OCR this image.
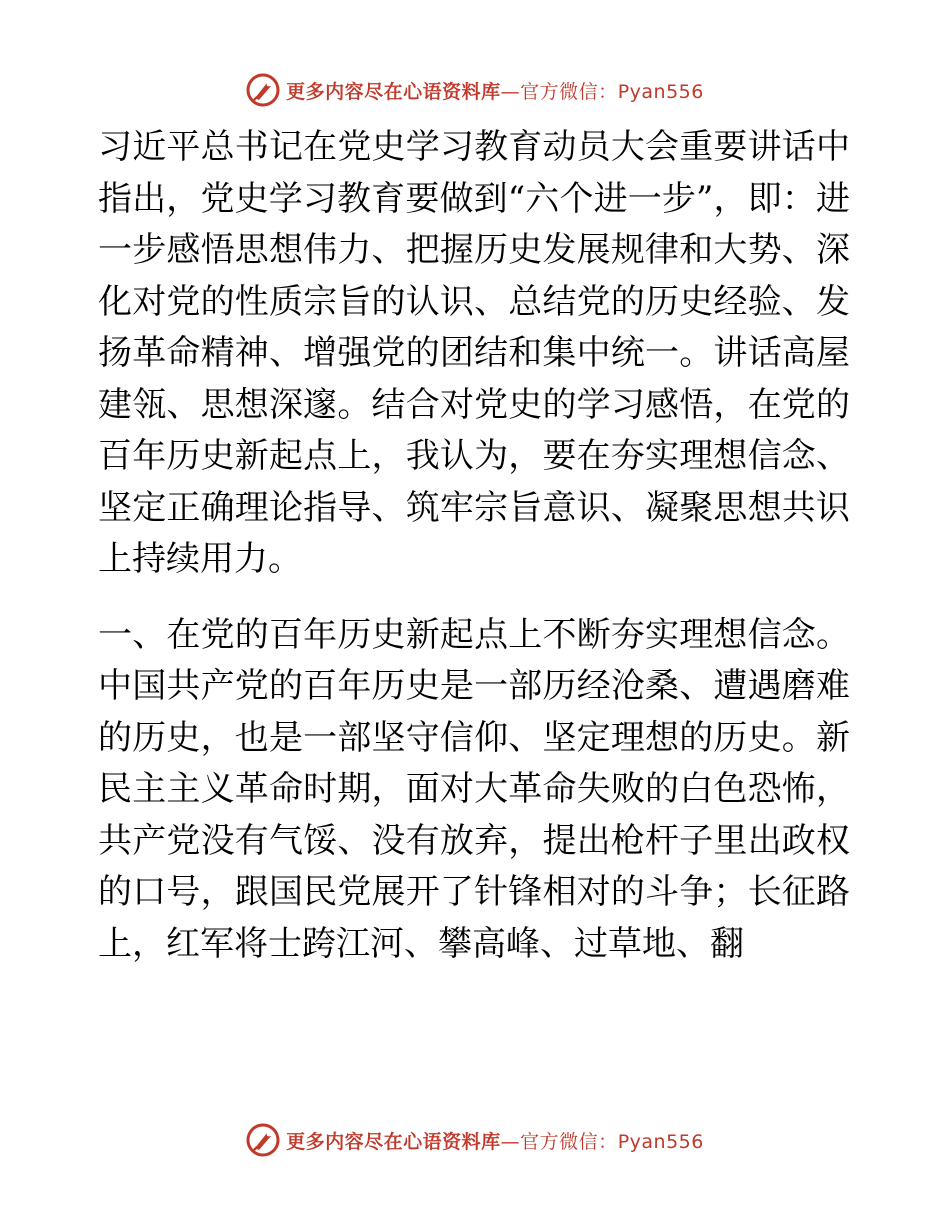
更多内容尽在心语资料库—官方微信：Pyan556

习近平总书记在党史学习教育动员大会重要讲话中指出，党史学习教育要做到“六个进一步”，即：进一步感悟思想伟力、把握历史发展规律和大势、深化对党的性质宗旨的认识、总结党的历史经验、发扬革命精神、增强党的团结和集中统一。讲话高屋建瓴、思想深邃。结合对党史的学习感悟，在党的百年历史新起点上，我认为，要在夯实理想信念、坚定正确理论指导、筑牢宗旨意识、凝聚思想共识上持续用力。

一、在党的百年历史新起点上不断夯实理想信念。中国共产党的百年历史是一部历经沧桑、遭遇磨难的历史，也是一部坚守信仰、坚定理想的历史。新民主主义革命时期，面对大革命失败的白色恐怖，共产党没有气馁、没有放弃，提出枪杆子里出政权的口号，跟国民党展开了针锋相对的斗争；长征路上，红军将士跨江河、攀高峰、过草地、翻

更多内容尽在心语资料库—官方微信：Pyan556
